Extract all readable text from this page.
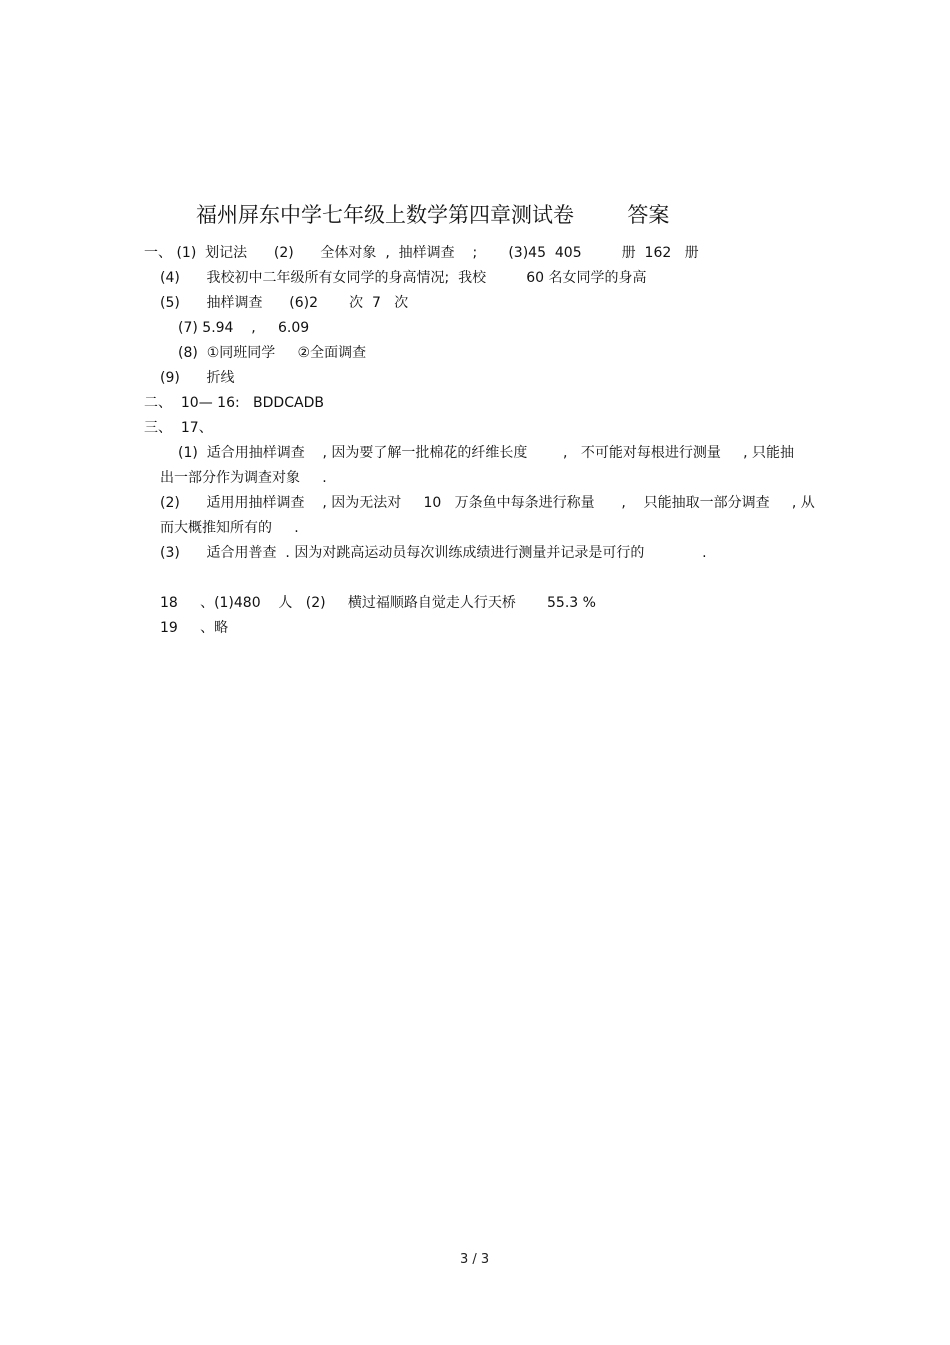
福州屏东中学七年级上数学第四章测试卷        答案
一、 (1)  划记法      (2)      全体对象  ,  抽样调查    ;       (3)45  405         册  162   册
(4)      我校初中二年级所有女同学的身高情况;  我校         60 名女同学的身高
(5)      抽样调查      (6)2       次  7   次
(7) 5.94    ,     6.09
(8)  ①同班同学     ②全面调查
(9)      折线
二、  10— 16:   BDDCADB
三、  17、
(1)  适合用抽样调查    , 因为要了解一批棉花的纤维长度        ,   不可能对每根进行测量     , 只能抽
出一部分作为调查对象     .
(2)      适用用抽样调查    , 因为无法对     10   万条鱼中每条进行称量      ,    只能抽取一部分调查     , 从
而大概推知所有的     .
(3)      适合用普查  . 因为对跳高运动员每次训练成绩进行测量并记录是可行的             .
18     、(1)480    人   (2)     横过福顺路自觉走人行天桥       55.3 %
19     、略
3 / 3
